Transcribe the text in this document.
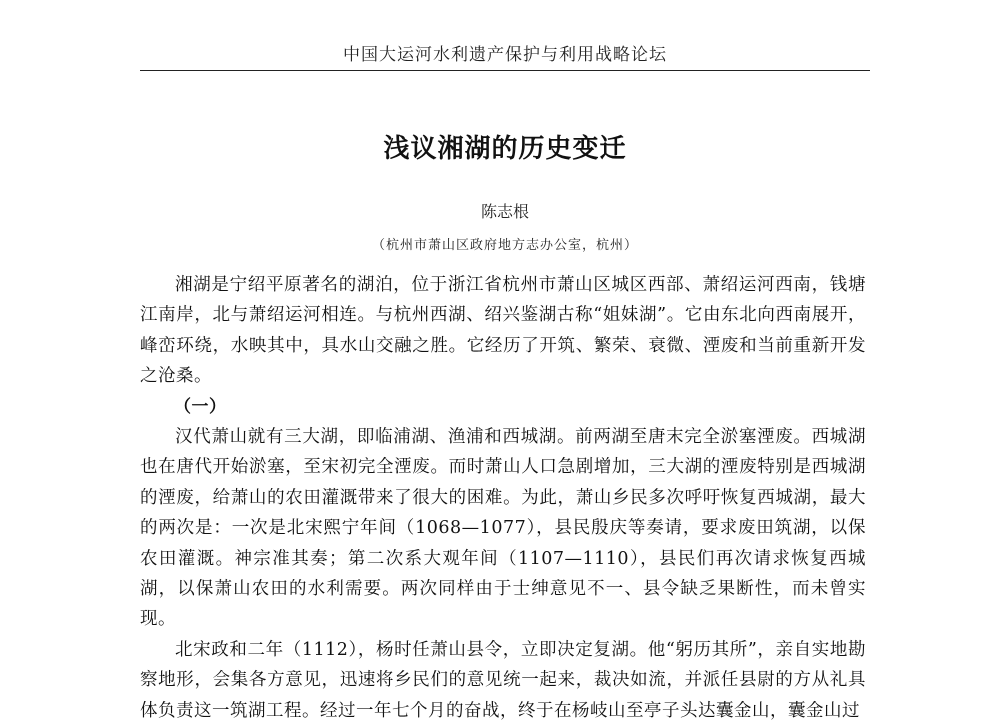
中国大运河水利遗产保护与利用战略论坛
浅议湘湖的历史变迁
陈志根
（杭州市萧山区政府地方志办公室，杭州）

湘湖是宁绍平原著名的湖泊，位于浙江省杭州市萧山区城区西部、萧绍运河西南，钱塘江南岸，北与萧绍运河相连。与杭州西湖、绍兴鉴湖古称“姐妹湖”。它由东北向西南展开，峰峦环绕，水映其中，具水山交融之胜。它经历了开筑、繁荣、衰微、湮废和当前重新开发之沧桑。

（一）

汉代萧山就有三大湖，即临浦湖、渔浦和西城湖。前两湖至唐末完全淤塞湮废。西城湖也在唐代开始淤塞，至宋初完全湮废。而时萧山人口急剧增加，三大湖的湮废特别是西城湖的湮废，给萧山的农田灌溉带来了很大的困难。为此，萧山乡民多次呼吁恢复西城湖，最大的两次是：一次是北宋熙宁年间（1068—1077），县民殷庆等奏请，要求废田筑湖，以保农田灌溉。神宗准其奏；第二次系大观年间（1107—1110），县民们再次请求恢复西城湖，以保萧山农田的水利需要。两次同样由于士绅意见不一、县令缺乏果断性，而未曾实现。

北宋政和二年（1112），杨时任萧山县令，立即决定复湖。他“躬历其所”，亲自实地勘察地形，会集各方意见，迅速将乡民们的意见统一起来，裁决如流，并派任县尉的方从礼具体负责这一筑湖工程。经过一年七个月的奋战，终于在杨岐山至亭子头达囊金山，囊金山过
